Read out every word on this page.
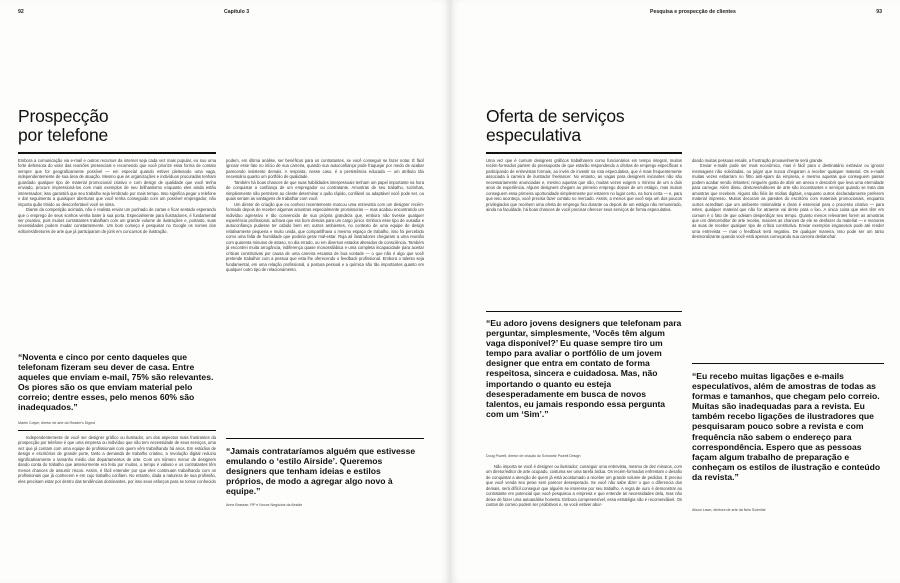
92	Capítulo 3
Prospecção
por telefone

Embora a comunicação via e-mail e outros recursos da internet seja cada vez mais popular, eu sou uma forte defensora do valor das reuniões presenciais e recomendo que você priorize essa forma de contato sempre que for geograficamente possível — em especial quando estiver pleiteando uma vaga, independentemente de sua área de atuação. Mesmo que as organizações e indivíduos procuradas tenham guardado qualquer tipo de material promocional criativo e com design de qualidade que você tenha enviado, procure impressioná-los com mais exemplos de seu brilhantismo enquanto eles ainda estão interessados; isso garantirá que seu trabalho seja lembrado por mais tempo. Isso significa pegar o telefone e dar seguimento a quaisquer aberturas que você tenha conseguido com um possível empregador, não importa quão tímido ou desconfortável você se sinta.

Diante da competição acirrada, não é realista enviar um punhado de cartas e ficar sentado esperando que o emprego de seus sonhos venha bater à sua porta. Especialmente para ilustradores, é fundamental ser proativo, pois muitos contratantes trabalham com um grande volume de ilustrações e, portanto, suas necessidades podem mudar constantemente. Um bom começo é pesquisar no Google os nomes dos editores/diretores de arte que já participaram de júris em concursos de ilustração.

“Noventa e cinco por cento daqueles que telefonam fizeram seu dever de casa. Entre aqueles que enviam e-mail, 75% são relevantes. Os piores são os que enviam material pelo correio; dentre esses, pelo menos 60% são inadequados.”
Martin Colyer, diretor de arte da Reader's Digest

Independentemente de você ser designer gráfico ou ilustrador, um dos aspectos mais frustrantes da prospecção por telefone é que uma empresa ou indivíduo que não tem necessidade de seus serviços, uma vez que já contam com uma equipe de profissionais com quem vêm trabalhando há anos. Em estúdios de design e escritórios de grande porte, tanto a demanda de trabalho criativo, a revolução digital reduziu significativamente o tamanho médio dos departamentos de arte. Com um número menor de designers dando conta do trabalho que anteriormente era feito por muitos, o tempo é valioso e os contratantes têm menos chances de assumir riscos. Assim, é fácil entender por que eles continuam trabalhando com os profissionais que já conhecem e em cujo trabalho confiam. No entanto, dada a natureza de sua profissão, eles precisam estar por dentro das tendências dominantes, por isso seus esforços para se tornar conhecido

podem, em última análise, ser benéficos para os contratantes, se você conseguir se fazer notar. É fácil ignorar esse fato no início de sua carreira, quando sua autoconfiança pode fraquejar por medo de acabar parecendo insistente demais. A resposta, nesse caso, é a persistência educada — um atributo tão necessário quanto um portfólio de qualidade.

Também há boas chances de que suas habilidades interpessoais tenham um papel importante na hora de conquistar a confiança de um empregador ou contratante. Amostras de seu trabalho, sozinhas, simplesmente não permitem ao cliente determinar o quão rápido, confiável ou adaptável você pode ser, ou quais seriam as vantagens de trabalhar com você.

Um diretor de criação que eu conheci recentemente marcou uma entrevista com um designer recém-formado depois de receber algumas amostras especialmente promissoras — mas acabou encontrando um indivíduo agressivo e tão convencido de sua própria grandeza que, embora não tivesse qualquer experiência profissional, achava que era bom demais para um cargo júnior. Embora esse tipo de ousadia e autoconfiança pudesse ter cabido bem em outros ambientes, no contexto de uma equipe de design relativamente pequena e muito unida, que compartilhava o mesmo espaço de trabalho, isso foi percebido como uma falta de humildade que poderia gerar mal-estar. Ruja ali ilustradores chegaram a uma reunião com quarenta minutos de atraso, no dia errado, ou em diversos estados alterados de consciência. Também já encontrei muita arrogância, indiferença quase monossilábica e uma completa incapacidade para aceitar críticas construtivas por causa de uma carreira escassa de boa vontade — o que não é algo que você pretende trabalhar com a pessoa que esta lhe oferecendo o feedback profissional. Embora o talento seja fundamental, em uma relação profissional, a postura pessoal e a química são tão importantes quanto em qualquer outro tipo de relacionamento.

“Jamais contrataríamos alguém que estivesse emulando o ‘estilo Airside’. Queremos designers que tenham ideias e estilos próprios, de modo a agregar algo novo à equipe.”
Anne Brassier, RP e Novos Negócios da Airside
Pesquisa e prospecção de clientes	93
Oferta de serviços
especulativa

Uma vez que é comum designers gráficos trabalharem como funcionários em tempo integral, muitos recém-formados partem do pressuposto de que estarão respondendo a ofertas de emprego específicas e participando de entrevistas formais, ao invés de investir na rota especulativa, que é mais frequentemente associada à carreira de ilustrador freelancer. No entanto, as vagas para designers iniciantes não são necessariamente anunciadas e, mesmo aquelas que são, muitas vezes exigem o mínimo de um a dois anos de experiência. Alguns designers chegam ao primeiro emprego depois de um estágio, mas muitos conseguem essa primeira oportunidade simplesmente por estarem no lugar certo, na hora certa — e, para que isso aconteça, você precisa fazer contato no mercado. Assim, a menos que você seja um dos poucos privilegiados que recebem uma oferta de emprego fixo durante ou depois de um estágio não remunerado, ainda na faculdade, há boas chances de você precisar oferecer seus serviços de forma especulativa.

“Eu adoro jovens designers que telefonam para perguntar, simplesmente, ‘Vocês têm algum vaga disponível?’ Eu quase sempre tiro um tempo para avaliar o portfólio de um jovem designer que entra em contato de forma respeitosa, sincera e cuidadosa. Mas, não importando o quanto eu esteja desesperadamente em busca de novos talentos, eu jamais respondo essa pergunta com um ‘Sim’.”
Doug Powell, diretor de criação do Schwartz Powell Design

Não importa se você é designer ou ilustrador; conseguir uma entrevista, mesmo de dez minutos, com um diretor/editor de arte ocupado, costuma ser uma tarefa árdua. Os recém-formados enfrentam o desafio de conquistar a atenção de quem já está acostumado a receber um grande volume de pedidos. É preciso que você venda seu peixe sem parecer desesperado. Se você não sabe dizer o que o diferencia dos demais, será difícil conseguir que alguém se interesse por seu trabalho. A regra de ouro é demonstrar ao contratante em potencial que você pesquisou a empresa e que entende as necessidades dela, mas não deixe de fazer uma autoanálise honesta. Embora compreensível, essa estratégia não é recomendável. Os custos de correio podem ser proibitivos e, se você estiver abor-

dando muitas pessoas emails, a frustração provavelmente será grande.

Enviar e-mails pode ser mais econômico, mas é fácil para o destinatário extraviar ou ignorar mensagens não solicitadas, ou julgar que nunca chegaram a receber qualquer material. Os e-mails muitas vezes esbarram no filtro anti-spam da empresa, e mesmo aquelas que conseguem passar podem acabar sendo irritantes; ninguém gosta de abrir um anexo e descobrir que leva uma eternidade para carregar. Além disso, diretores/editores de arte são inconstantes e serviços quando se trata das amostras que recebem. Alguns são fiéis às mídias digitais, enquanto outros declaradamente preferem material impresso. Muitos decoram as paredes do escritório com materiais promocionais, enquanto outros acreditam que um ambiente minimalista e clean é essencial para o processo criativo — para estes, qualquer material que não for atraente vai direto para o lixo. A única coisa que eles têm em comum é o fato de que odeiam desperdiçar seu tempo. Quanto menos relevantes forem as amostras que um diretor/editor de arte recebe, maiores as chances de ele se desfazer do material — e menores as suas de receber qualquer tipo de crítica construtiva. Enviar exemplos enganosos pode até render uma entrevista — mas o feedback será negativo. De qualquer maneira, isso pode ser um tanto desmoralizante quando você está apenas começando sua carreira deslanchar.

“Eu recebo muitas ligações e e-mails especulativos, além de amostras de todas as formas e tamanhos, que chegam pelo correio. Muitas são inadequadas para a revista. Eu também recebo ligações de ilustradores que pesquisaram pouco sobre a revista e com frequência não sabem o endereço para correspondência. Espero que as pessoas façam algum trabalho de preparação e conheçam os estilos de ilustração e conteúdo da revista.”
Alison Lawn, diretora de arte da New Scientist
